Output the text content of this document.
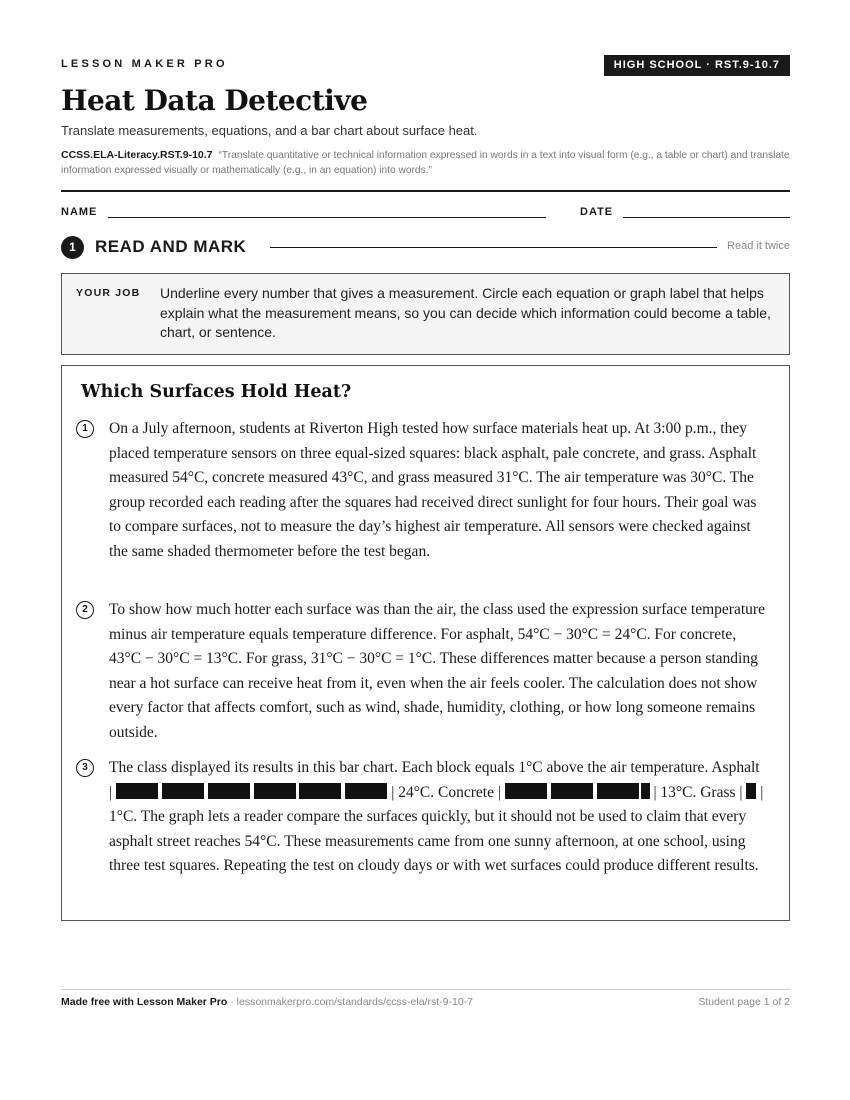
LESSON MAKER PRO	HIGH SCHOOL · RST.9-10.7
Heat Data Detective
Translate measurements, equations, and a bar chart about surface heat.
CCSS.ELA-Literacy.RST.9-10.7 “Translate quantitative or technical information expressed in words in a text into visual form (e.g., a table or chart) and translate information expressed visually or mathematically (e.g., in an equation) into words.”
NAME	DATE
1	READ AND MARK	Read it twice
YOUR JOB Underline every number that gives a measurement. Circle each equation or graph label that helps explain what the measurement means, so you can decide which information could become a table, chart, or sentence.
Which Surfaces Hold Heat?
1	On a July afternoon, students at Riverton High tested how surface materials heat up. At 3:00 p.m., they placed temperature sensors on three equal-sized squares: black asphalt, pale concrete, and grass. Asphalt measured 54°C, concrete measured 43°C, and grass measured 31°C. The air temperature was 30°C. The group recorded each reading after the squares had received direct sunlight for four hours. Their goal was to compare surfaces, not to measure the day’s highest air temperature. All sensors were checked against the same shaded thermometer before the test began.
2	To show how much hotter each surface was than the air, the class used the expression surface temperature minus air temperature equals temperature difference. For asphalt, 54°C − 30°C = 24°C. For concrete, 43°C − 30°C = 13°C. For grass, 31°C − 30°C = 1°C. These differences matter because a person standing near a hot surface can receive heat from it, even when the air feels cooler. The calculation does not show every factor that affects comfort, such as wind, shade, humidity, clothing, or how long someone remains outside.
3	The class displayed its results in this bar chart. Each block equals 1°C above the air temperature. Asphalt |	| 24°C. Concrete |	| 13°C. Grass | | 1°C. The graph lets a reader compare the surfaces quickly, but it should not be used to claim that every asphalt street reaches 54°C. These measurements came from one sunny afternoon, at one school, using three test squares. Repeating the test on cloudy days or with wet surfaces could produce different results.
Made free with Lesson Maker Pro · lessonmakerpro.com/standards/ccss-ela/rst-9-10-7	Student page 1 of 2
